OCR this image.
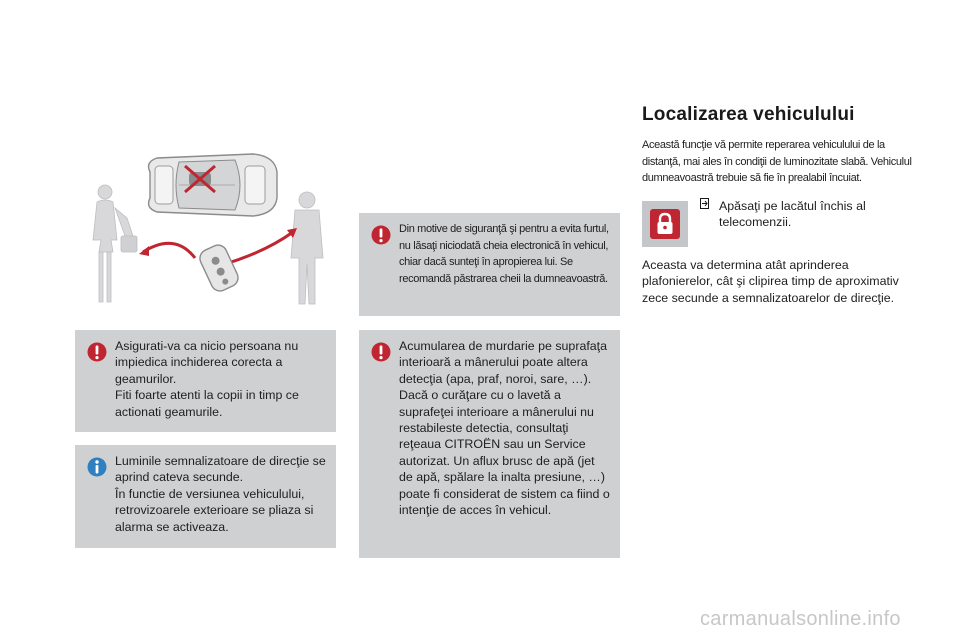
Asigurati-va ca nicio persoana nu impiedica inchiderea corecta a geamurilor.

Fiti foarte atenti la copii in timp ce actionati geamurile.

Luminile semnalizatoare de direcţie se aprind cateva secunde.

În functie de versiunea vehiculului, retrovizoarele exterioare se pliaza si alarma se activeaza.

Din motive de siguranţă şi pentru a evita furtul, nu lăsaţi niciodată cheia electronică în vehicul, chiar dacă sunteţi în apropierea lui. Se recomandă păstrarea cheii la dumneavoastră.

Acumularea de murdarie pe suprafaţa interioară a mânerului poate altera detecţia (apa, praf, noroi, sare, …). Dacă o curăţare cu o lavetă a suprafeţei interioare a mânerului nu restabileste detectia, consultaţi reţeaua CITROËN sau un Service autorizat. Un aflux brusc de apă (jet de apă, spălare la inalta presiune, …) poate fi considerat de sistem ca fiind o intenţie de acces în vehicul.

Localizarea vehiculului

Această funcţie vă permite reperarea vehiculului de la distanţă, mai ales în condiţii de luminozitate slabă. Vehiculul dumneavoastră trebuie să fie în prealabil încuiat.

Apăsaţi pe lacătul închis al telecomenzii.

Aceasta va determina atât aprinderea plafonierelor, cât şi clipirea timp de aproximativ zece secunde a semnalizatoarelor de direcţie.

carmanualsonline.info
